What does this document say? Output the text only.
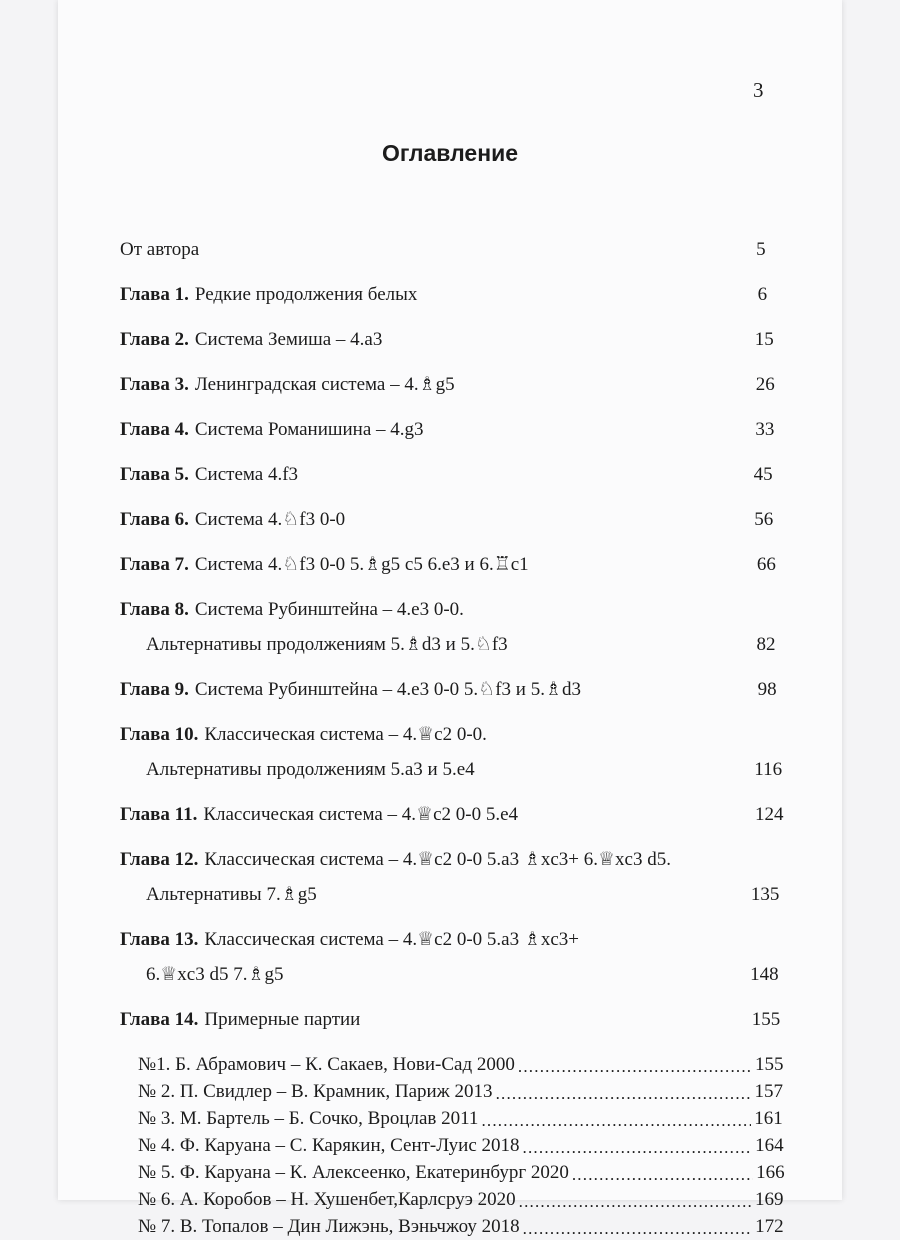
3
Оглавление
От автора .....	5
Глава 1. Редкие продолжения белых .....	6
Глава 2. Система Земиша – 4.a3 .....	15
Глава 3. Ленинградская система – 4.♗g5 .....	26
Глава 4. Система Романишина – 4.g3 .....	33
Глава 5. Система 4.f3 .....	45
Глава 6. Система 4.♘f3 0-0 .....	56
Глава 7. Система 4.♘f3 0-0 5.♗g5 c5 6.e3 и 6.♖c1 .....	66
Глава 8. Система Рубинштейна – 4.e3 0-0.
Альтернативы продолжениям 5.♗d3 и 5.♘f3 .....	82
Глава 9. Система Рубинштейна – 4.e3 0-0 5.♘f3 и 5.♗d3 .....	98
Глава 10. Классическая система – 4.♕c2 0-0.
Альтернативы продолжениям 5.a3 и 5.e4 .....	116
Глава 11. Классическая система – 4.♕c2 0-0 5.e4 .....	124
Глава 12. Классическая система – 4.♕c2 0-0 5.a3 ♗xc3+ 6.♕xc3 d5.
Альтернативы 7.♗g5 .....	135
Глава 13. Классическая система – 4.♕c2 0-0 5.a3 ♗xc3+
6.♕xc3 d5 7.♗g5 .....	148
Глава 14. Примерные партии .....	155
№1. Б. Абрамович – К. Сакаев, Нови-Сад 2000 .....	155
№ 2. П. Свидлер – В. Крамник, Париж 2013 .....	157
№ 3. М. Бартель – Б. Сочко, Вроцлав 2011 .....	161
№ 4. Ф. Каруана – С. Карякин, Сент-Луис 2018 .....	164
№ 5. Ф. Каруана – К. Алексеенко, Екатеринбург 2020 .....	166
№ 6. А. Коробов – Н. Хушенбет,Карлсруэ 2020 .....	169
№ 7. В. Топалов – Дин Лижэнь, Вэньчжоу 2018 .....	172
